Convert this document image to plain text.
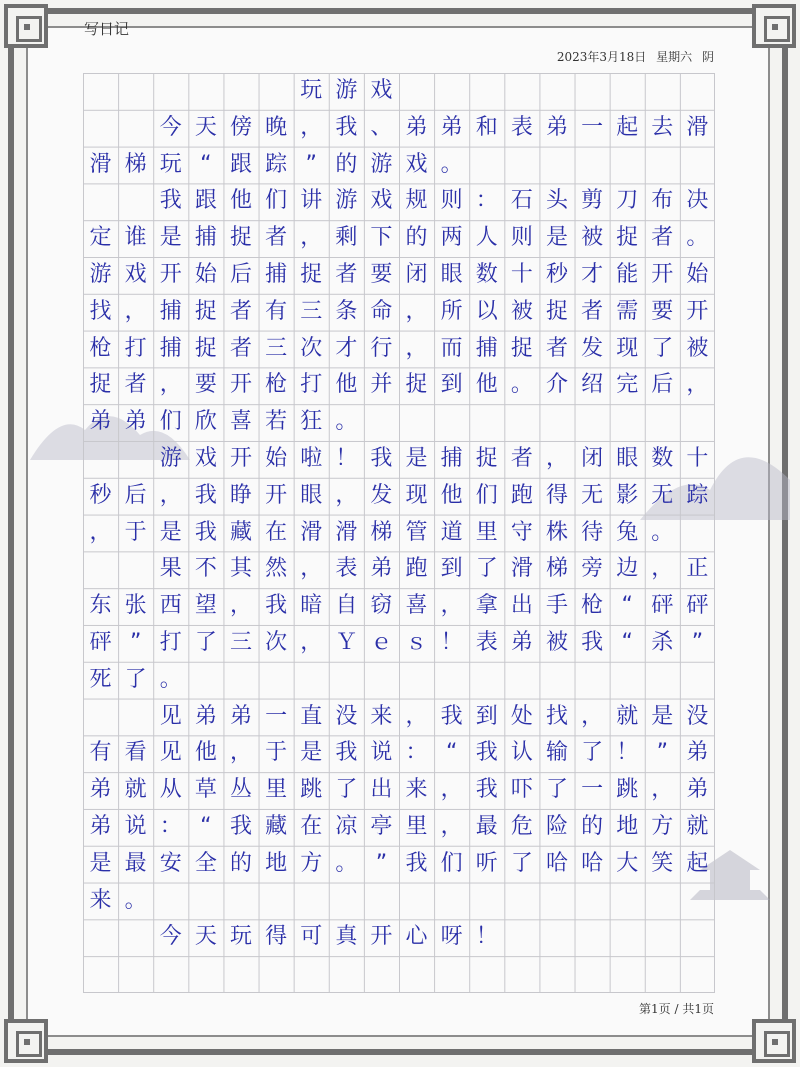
写日记
2023年3月18日 星期六 阴
玩 游 戏
今 天 傍 晚 ， 我 、 弟 弟 和 表 弟 一 起 去 滑
滑 梯 玩 “ 跟 踪 ” 的 游 戏 。
我 跟 他 们 讲 游 戏 规 则 ： 石 头 剪 刀 布 决
定 谁 是 捕 捉 者 ， 剩 下 的 两 人 则 是 被 捉 者 。
游 戏 开 始 后 捕 捉 者 要 闭 眼 数 十 秒 才 能 开 始
找 ， 捕 捉 者 有 三 条 命 ， 所 以 被 捉 者 需 要 开
枪 打 捕 捉 者 三 次 才 行 ， 而 捕 捉 者 发 现 了 被
捉 者 ， 要 开 枪 打 他 并 捉 到 他 。 介 绍 完 后 ，
弟 弟 们 欣 喜 若 狂 。
游 戏 开 始 啦 ！ 我 是 捕 捉 者 ， 闭 眼 数 十
秒 后 ， 我 睁 开 眼 ， 发 现 他 们 跑 得 无 影 无 踪
， 于 是 我 藏 在 滑 滑 梯 管 道 里 守 株 待 兔 。
果 不 其 然 ， 表 弟 跑 到 了 滑 梯 旁 边 ， 正
东 张 西 望 ， 我 暗 自 窃 喜 ， 拿 出 手 枪 “ 砰 砰
砰 ” 打 了 三 次 ， Ｙ ｅ ｓ ！ 表 弟 被 我 “ 杀 ”
死 了 。
见 弟 弟 一 直 没 来 ， 我 到 处 找 ， 就 是 没
有 看 见 他 ， 于 是 我 说 ： “ 我 认 输 了 ！ ” 弟
弟 就 从 草 丛 里 跳 了 出 来 ， 我 吓 了 一 跳 ， 弟
弟 说 ： “ 我 藏 在 凉 亭 里 ， 最 危 险 的 地 方 就
是 最 安 全 的 地 方 。 ” 我 们 听 了 哈 哈 大 笑 起
来 。
今 天 玩 得 可 真 开 心 呀 ！
第1页 / 共1页
